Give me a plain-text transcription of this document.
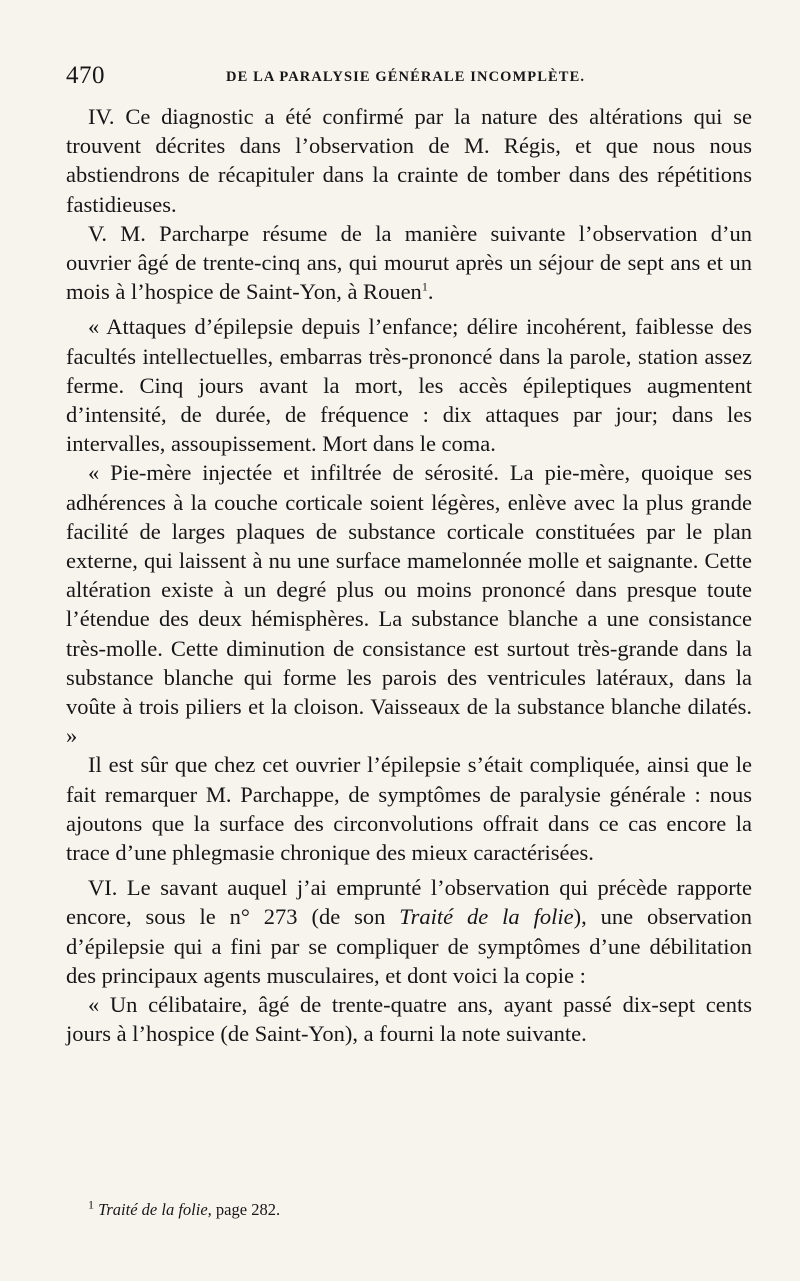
470	DE LA PARALYSIE GÉNÉRALE INCOMPLÈTE.

IV. Ce diagnostic a été confirmé par la nature des altérations qui se trouvent décrites dans l’observation de M. Régis, et que nous nous abstiendrons de récapituler dans la crainte de tomber dans des répétitions fastidieuses.

V. M. Parcharpe résume de la manière suivante l’observation d’un ouvrier âgé de trente-cinq ans, qui mourut après un séjour de sept ans et un mois à l’hospice de Saint-Yon, à Rouen$^1$.

« Attaques d’épilepsie depuis l’enfance; délire incohérent, faiblesse des facultés intellectuelles, embarras très-prononcé dans la parole, station assez ferme. Cinq jours avant la mort, les accès épileptiques augmentent d’intensité, de durée, de fréquence : dix attaques par jour; dans les intervalles, assoupissement. Mort dans le coma.

« Pie-mère injectée et infiltrée de sérosité. La pie-mère, quoique ses adhérences à la couche corticale soient légères, enlève avec la plus grande facilité de larges plaques de substance corticale constituées par le plan externe, qui laissent à nu une surface mamelonnée molle et saignante. Cette altération existe à un degré plus ou moins prononcé dans presque toute l’étendue des deux hémisphères. La substance blanche a une consistance très-molle. Cette diminution de consistance est surtout très-grande dans la substance blanche qui forme les parois des ventricules latéraux, dans la voûte à trois piliers et la cloison. Vaisseaux de la substance blanche dilatés. »

Il est sûr que chez cet ouvrier l’épilepsie s’était compliquée, ainsi que le fait remarquer M. Parchappe, de symptômes de paralysie générale : nous ajoutons que la surface des circonvolutions offrait dans ce cas encore la trace d’une phlegmasie chronique des mieux caractérisées.

VI. Le savant auquel j’ai emprunté l’observation qui précède rapporte encore, sous le n° 273 (de son Traité de la folie), une observation d’épilepsie qui a fini par se compliquer de symptômes d’une débilitation des principaux agents musculaires, et dont voici la copie :

« Un célibataire, âgé de trente-quatre ans, ayant passé dix-sept cents jours à l’hospice (de Saint-Yon), a fourni la note suivante.

$^1$ Traité de la folie, page 282.
